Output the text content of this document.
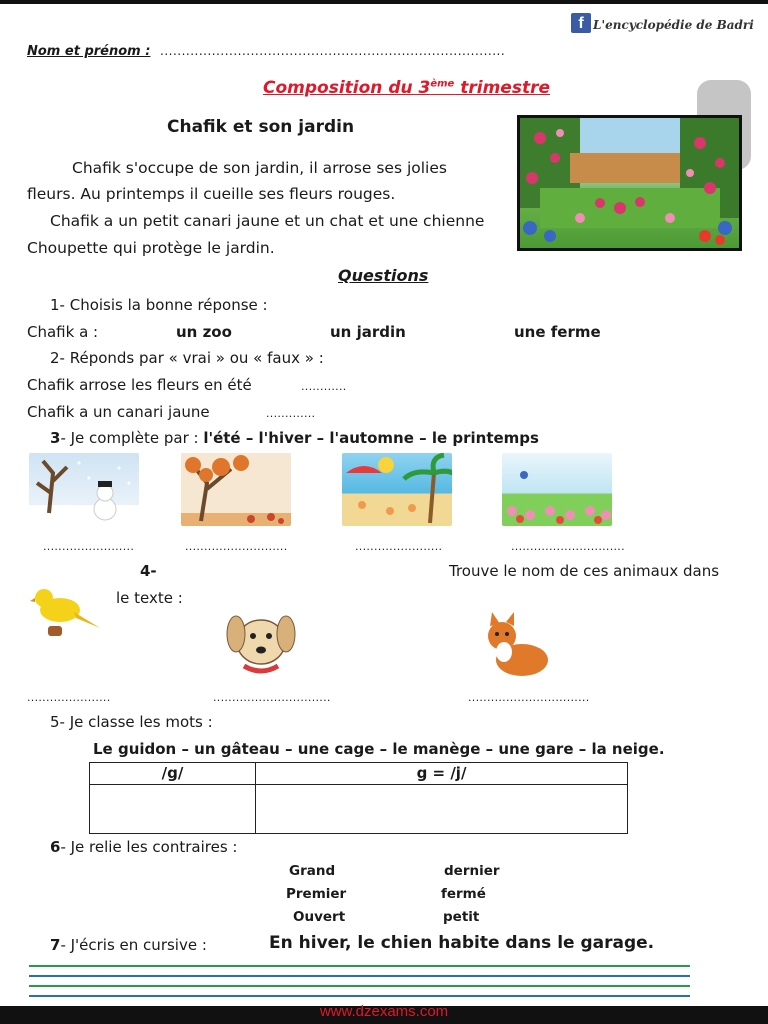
f L'encyclopédie de Badri
Nom et prénom : ................................................................................
Composition du 3ème trimestre
Chafik et son jardin
Chafik s'occupe de son jardin, il arrose ses jolies
fleurs. Au printemps il cueille ses fleurs rouges.
Chafik a un petit canari jaune et un chat et une chienne
Choupette qui protège le jardin.
Questions
1- Choisis la bonne réponse :
Chafik a :	un zoo	un jardin	une ferme
2- Réponds par « vrai » ou « faux » :
Chafik arrose les fleurs en été	............
Chafik a un canari jaune	.............
3- Je complète par : l'été – l'hiver – l'automne – le printemps
........................	...........................	.......................	..............................
4-	Trouve le nom de ces animaux dans
le texte :
......................	...............................	................................
5- Je classe les mots :
Le guidon – un gâteau – une cage – le manège – une gare – la neige.
/g/	g = /j/

6- Je relie les contraires :
Grand
Premier
Ouvert
dernier
fermé
petit
7- J'écris en cursive :	En hiver, le chien habite dans le garage.
www.dzexams.com
